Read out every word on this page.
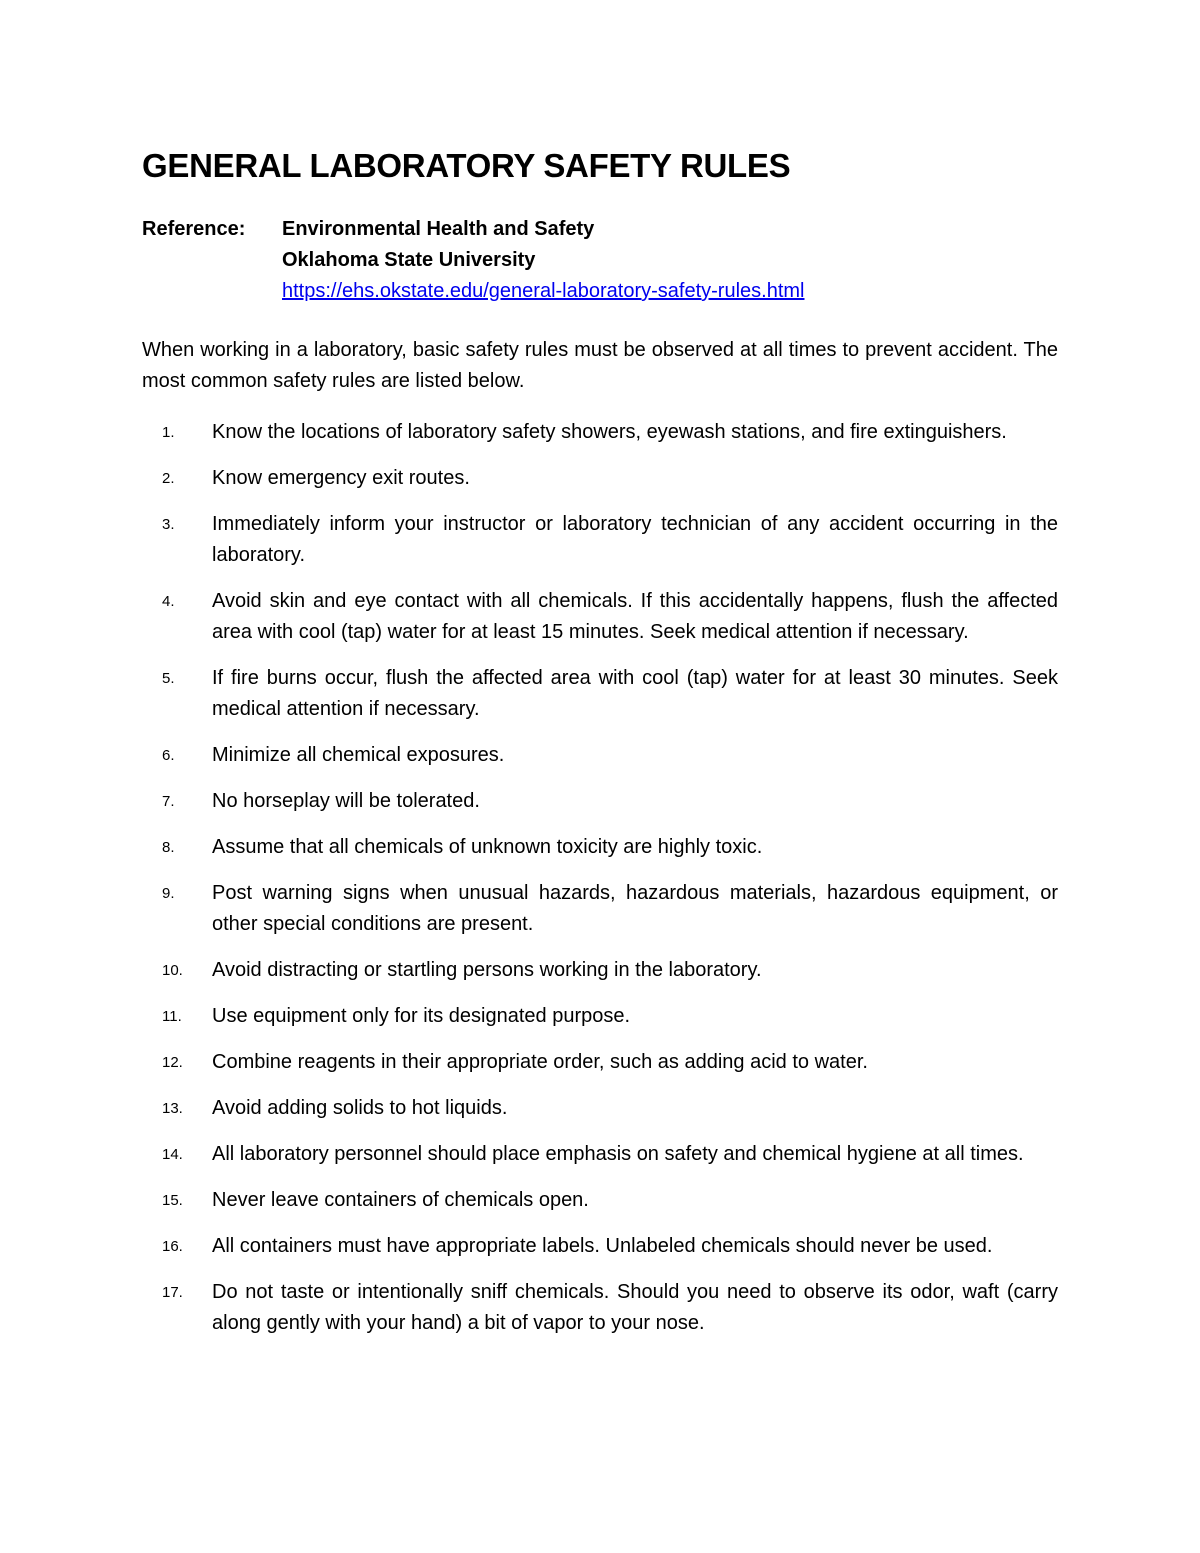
GENERAL LABORATORY SAFETY RULES
Reference:	Environmental Health and Safety
Oklahoma State University
https://ehs.okstate.edu/general-laboratory-safety-rules.html

When working in a laboratory, basic safety rules must be observed at all times to prevent accident. The most common safety rules are listed below.

1.	Know the locations of laboratory safety showers, eyewash stations, and fire extinguishers.
2.	Know emergency exit routes.
3.	Immediately inform your instructor or laboratory technician of any accident occurring in the laboratory.
4.	Avoid skin and eye contact with all chemicals. If this accidentally happens, flush the affected area with cool (tap) water for at least 15 minutes. Seek medical attention if necessary.
5.	If fire burns occur, flush the affected area with cool (tap) water for at least 30 minutes. Seek medical attention if necessary.
6.	Minimize all chemical exposures.
7.	No horseplay will be tolerated.
8.	Assume that all chemicals of unknown toxicity are highly toxic.
9.	Post warning signs when unusual hazards, hazardous materials, hazardous equipment, or other special conditions are present.
10.	Avoid distracting or startling persons working in the laboratory.
11.	Use equipment only for its designated purpose.
12.	Combine reagents in their appropriate order, such as adding acid to water.
13.	Avoid adding solids to hot liquids.
14.	All laboratory personnel should place emphasis on safety and chemical hygiene at all times.
15.	Never leave containers of chemicals open.
16.	All containers must have appropriate labels. Unlabeled chemicals should never be used.
17.	Do not taste or intentionally sniff chemicals. Should you need to observe its odor, waft (carry along gently with your hand) a bit of vapor to your nose.
